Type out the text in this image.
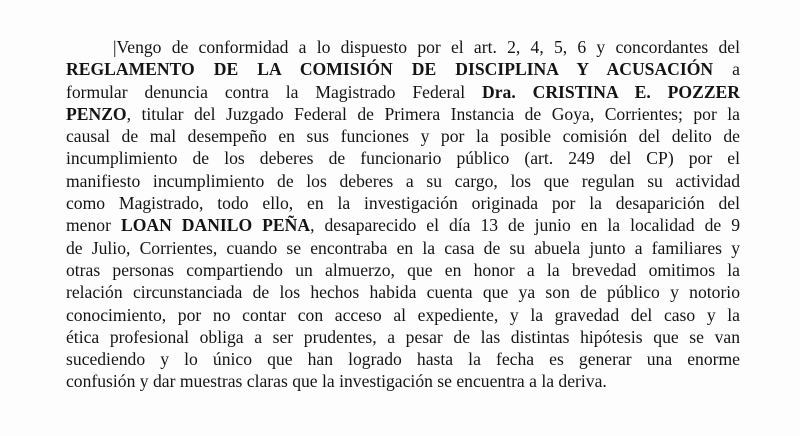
|Vengo de conformidad a lo dispuesto por el art. 2, 4, 5, 6 y concordantes del
REGLAMENTO DE LA COMISIÓN DE DISCIPLINA Y ACUSACIÓN a
formular denuncia contra la Magistrado Federal Dra. CRISTINA E. POZZER
PENZO, titular del Juzgado Federal de Primera Instancia de Goya, Corrientes; por la
causal de mal desempeño en sus funciones y por la posible comisión del delito de
incumplimiento de los deberes de funcionario público (art. 249 del CP) por el
manifiesto incumplimiento de los deberes a su cargo, los que regulan su actividad
como Magistrado, todo ello, en la investigación originada por la desaparición del
menor LOAN DANILO PEÑA, desaparecido el día 13 de junio en la localidad de 9
de Julio, Corrientes, cuando se encontraba en la casa de su abuela junto a familiares y
otras personas compartiendo un almuerzo, que en honor a la brevedad omitimos la
relación circunstanciada de los hechos habida cuenta que ya son de público y notorio
conocimiento, por no contar con acceso al expediente, y la gravedad del caso y la
ética profesional obliga a ser prudentes, a pesar de las distintas hipótesis que se van
sucediendo y lo único que han logrado hasta la fecha es generar una enorme
confusión y dar muestras claras que la investigación se encuentra a la deriva.
